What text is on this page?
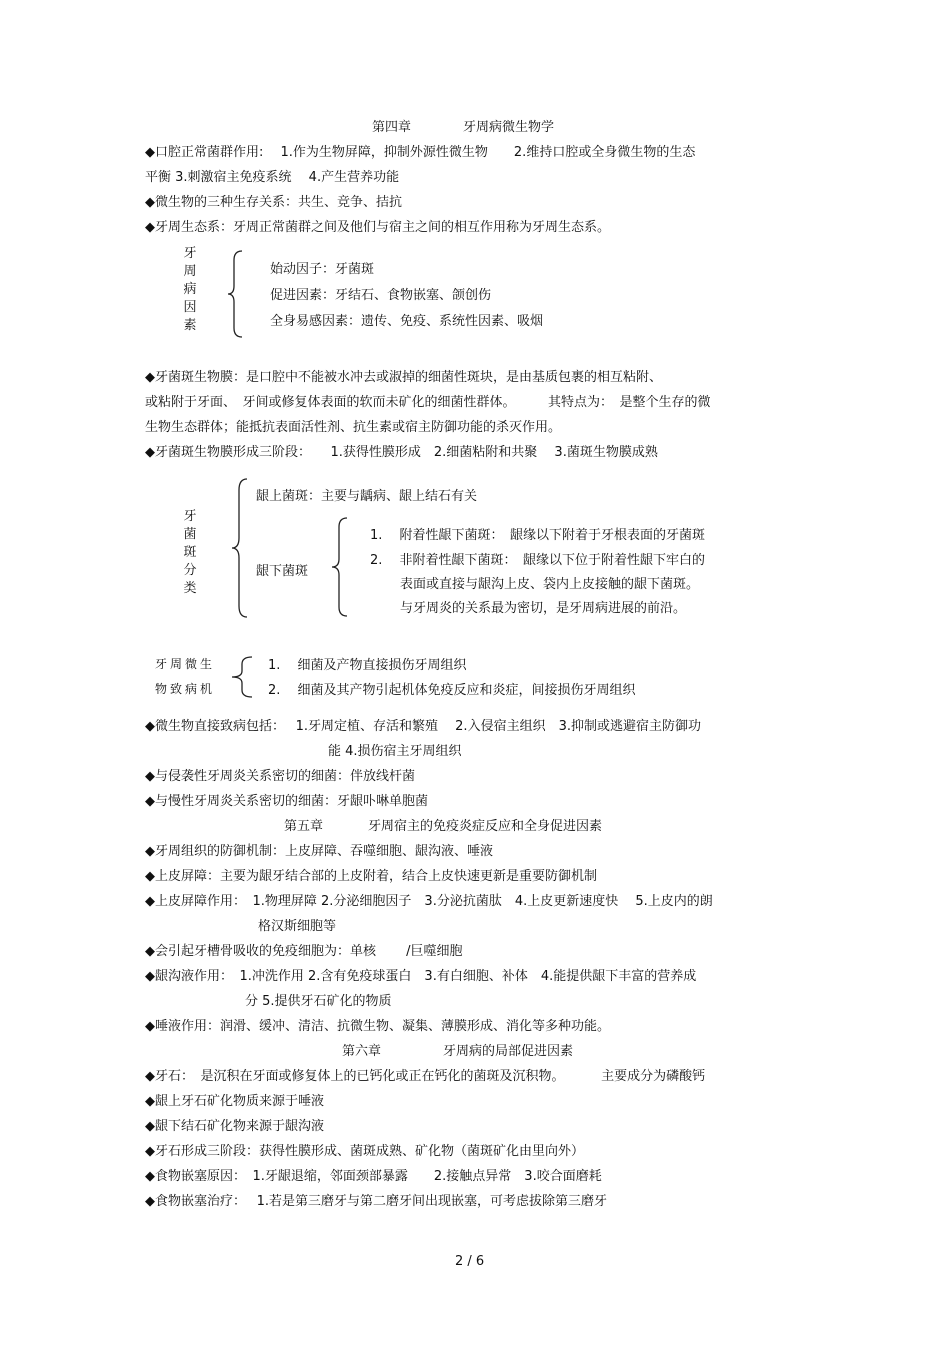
第四章	牙周病微生物学
◆口腔正常菌群作用:　 1.作为生物屏障，抑制外源性微生物　　2.维持口腔或全身微生物的生态
平衡 3.刺激宿主免疫系统　 4.产生营养功能
◆微生物的三种生存关系：共生、竞争、拮抗
◆牙周生态系：牙周正常菌群之间及他们与宿主之间的相互作用称为牙周生态系。
牙周病因素
始动因子：牙菌斑
促进因素：牙结石、食物嵌塞、颌创伤
全身易感因素：遗传、免疫、系统性因素、吸烟
◆牙菌斑生物膜：是口腔中不能被水冲去或淑掉的细菌性斑块，是由基质包裹的相互粘附、
或粘附于牙面、　牙间或修复体表面的软而未矿化的细菌性群体。　　　其特点为：　是整个生存的微
生物生态群体；能抵抗表面活性剂、抗生素或宿主防御功能的杀灭作用。
◆牙菌斑生物膜形成三阶段：　　1.获得性膜形成　2.细菌粘附和共聚　 3.菌斑生物膜成熟
牙菌斑分类
龈上菌斑：主要与龋病、龈上结石有关
龈下菌斑
1.　 附着性龈下菌斑：　龈缘以下附着于牙根表面的牙菌斑
2.　 非附着性龈下菌斑：　龈缘以下位于附着性龈下牢白的
表面或直接与龈沟上皮、袋内上皮接触的龈下菌斑。
与牙周炎的关系最为密切，是牙周病进展的前沿。
牙周微生
物致病机
1.　 细菌及产物直接损伤牙周组织
2.　 细菌及其产物引起机体免疫反应和炎症，间接损伤牙周组织
◆微生物直接致病包括：　 1.牙周定植、存活和繁殖　 2.入侵宿主组织　3.抑制或逃避宿主防御功
能 4.损伤宿主牙周组织
◆与侵袭性牙周炎关系密切的细菌：伴放线杆菌
◆与慢性牙周炎关系密切的细菌：牙龈卟啉单胞菌
第五章	牙周宿主的免疫炎症反应和全身促进因素
◆牙周组织的防御机制：上皮屏障、吞噬细胞、龈沟液、唾液
◆上皮屏障：主要为龈牙结合部的上皮附着，结合上皮快速更新是重要防御机制
◆上皮屏障作用：　1.物理屏障 2.分泌细胞因子　3.分泌抗菌肽　4.上皮更新速度快　 5.上皮内的朗
格汉斯细胞等
◆会引起牙槽骨吸收的免疫细胞为：单核　　 /巨噬细胞
◆龈沟液作用：　1.冲洗作用 2.含有免疫球蛋白　3.有白细胞、补体　4.能提供龈下丰富的营养成
分 5.提供牙石矿化的物质
◆唾液作用：润滑、缓冲、清洁、抗微生物、凝集、薄膜形成、消化等多种功能。
第六章	牙周病的局部促进因素
◆牙石：　是沉积在牙面或修复体上的已钙化或正在钙化的菌斑及沉积物。　　　 主要成分为磷酸钙
◆龈上牙石矿化物质来源于唾液
◆龈下结石矿化物来源于龈沟液
◆牙石形成三阶段：获得性膜形成、菌斑成熟、矿化物（菌斑矿化由里向外）
◆食物嵌塞原因：　1.牙龈退缩，邻面颈部暴露　　2.接触点异常　3.咬合面磨耗
◆食物嵌塞治疗：　 1.若是第三磨牙与第二磨牙间出现嵌塞，可考虑拔除第三磨牙
2 / 6
